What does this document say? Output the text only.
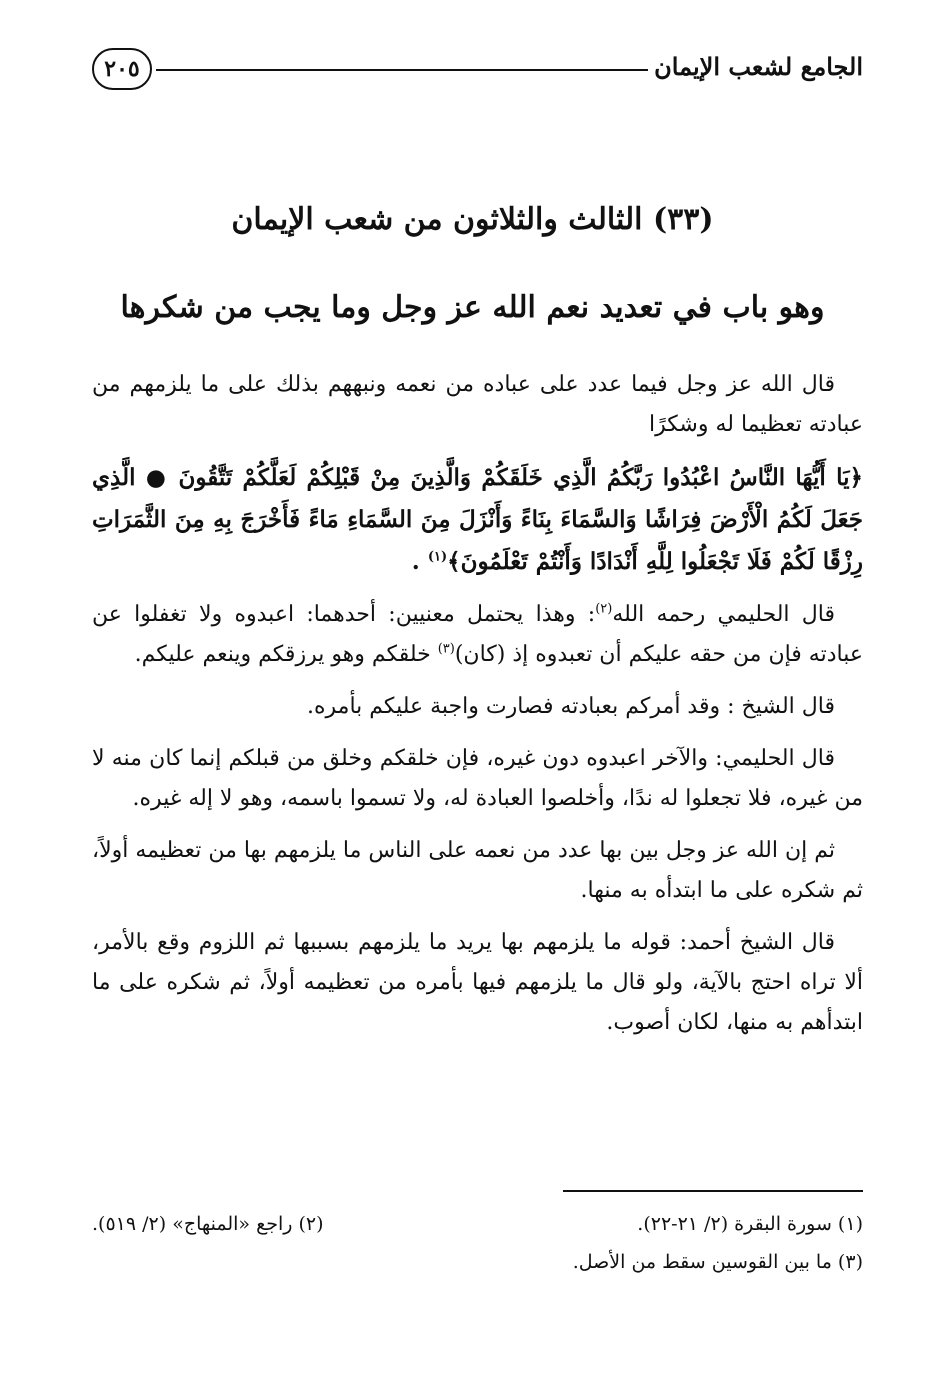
الجامع لشعب الإيمان
٢٠٥
(٣٣) الثالث والثلاثون من شعب الإيمان
وهو باب في تعديد نعم الله عز وجل وما يجب من شكرها

قال الله عز وجل فيما عدد على عباده من نعمه ونبههم بذلك على ما يلزمهم من عبادته تعظيما له وشكرًا

﴿يَا أَيُّهَا النَّاسُ اعْبُدُوا رَبَّكُمُ الَّذِي خَلَقَكُمْ وَالَّذِينَ مِنْ قَبْلِكُمْ لَعَلَّكُمْ تَتَّقُونَ ● الَّذِي جَعَلَ لَكُمُ الْأَرْضَ فِرَاشًا وَالسَّمَاءَ بِنَاءً وَأَنْزَلَ مِنَ السَّمَاءِ مَاءً فَأَخْرَجَ بِهِ مِنَ الثَّمَرَاتِ رِزْقًا لَكُمْ فَلَا تَجْعَلُوا لِلَّهِ أَنْدَادًا وَأَنْتُمْ تَعْلَمُونَ﴾$^{(١)}$ .

قال الحليمي رحمه الله$^{(٢)}$: وهذا يحتمل معنيين: أحدهما: اعبدوه ولا تغفلوا عن عبادته فإن من حقه عليكم أن تعبدوه إذ (كان)$^{(٣)}$ خلقكم وهو يرزقكم وينعم عليكم.

قال الشيخ : وقد أمركم بعبادته فصارت واجبة عليكم بأمره.

قال الحليمي: والآخر اعبدوه دون غيره، فإن خلقكم وخلق من قبلكم إنما كان منه لا من غيره، فلا تجعلوا له ندًا، وأخلصوا العبادة له، ولا تسموا باسمه، وهو لا إله غيره.

ثم إن الله عز وجل بين بها عدد من نعمه على الناس ما يلزمهم بها من تعظيمه أولاً، ثم شكره على ما ابتدأه به منها.

قال الشيخ أحمد: قوله ما يلزمهم بها يريد ما يلزمهم بسببها ثم اللزوم وقع بالأمر، ألا تراه احتج بالآية، ولو قال ما يلزمهم فيها بأمره من تعظيمه أولاً، ثم شكره على ما ابتدأهم به منها، لكان أصوب.

(١) سورة البقرة (٢/ ٢١-٢٢).
(٢) راجع «المنهاج» (٢/ ٥١٩).
(٣) ما بين القوسين سقط من الأصل.
